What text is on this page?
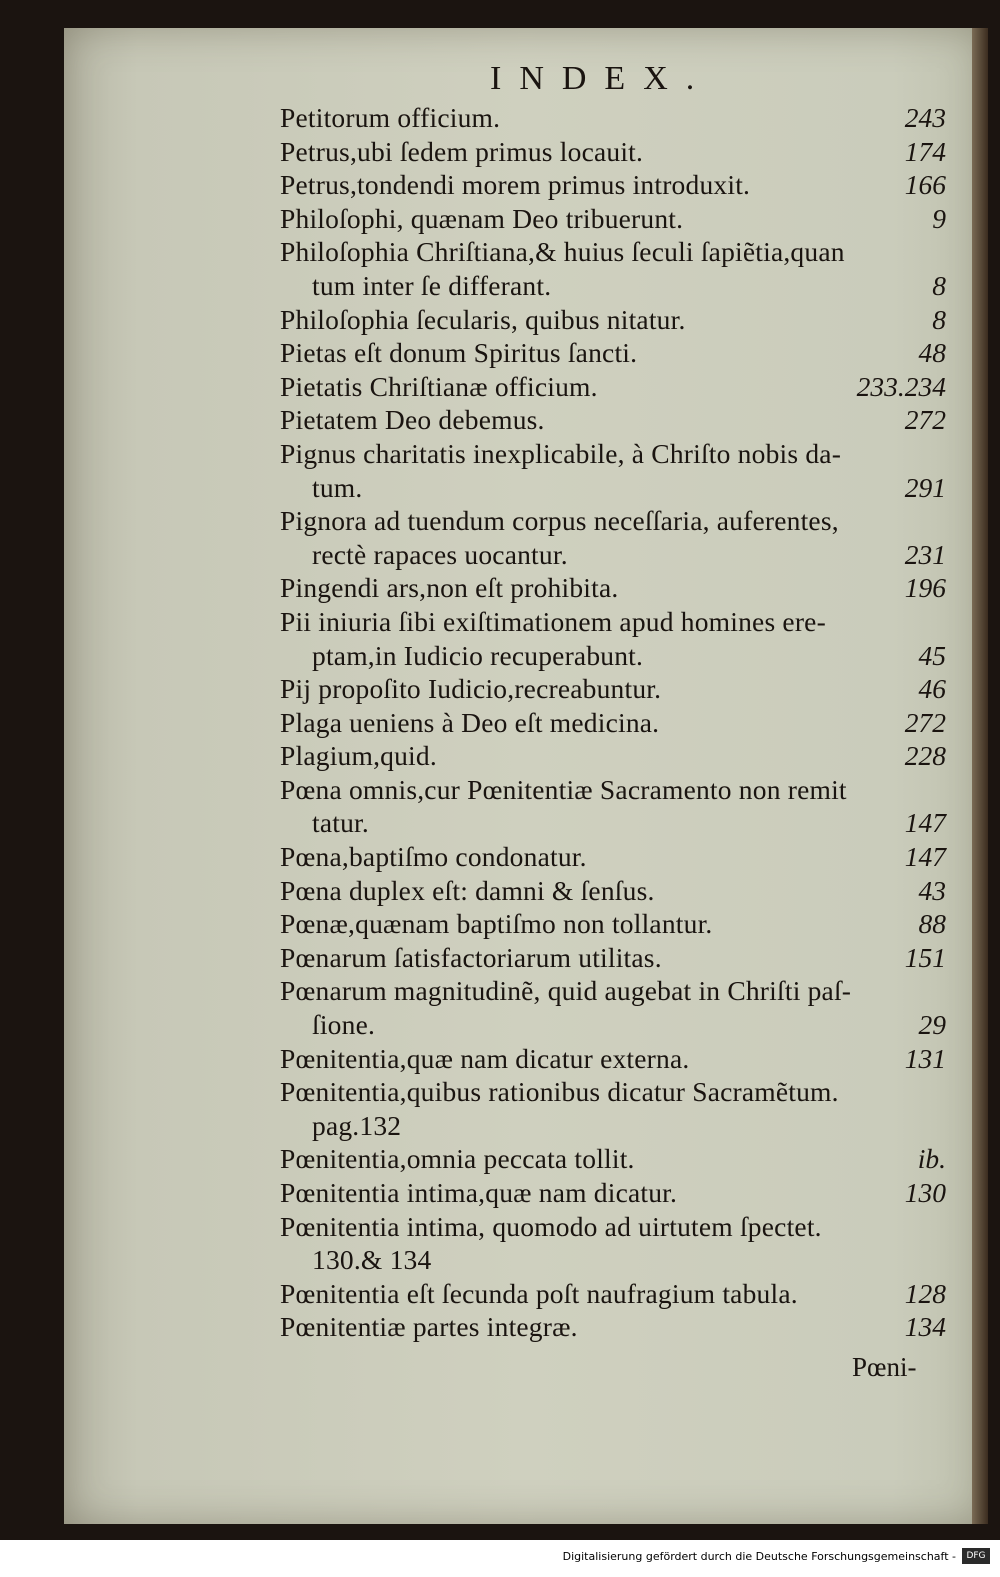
INDEX.
Petitorum officium.	243
Petrus,ubi ſedem primus locauit.	174
Petrus,tondendi morem primus introduxit.	166
Philoſophi, quænam Deo tribuerunt.	9
Philoſophia Chriſtiana,& huius ſeculi ſapiẽtia,quan
tum inter ſe differant.	8
Philoſophia ſecularis, quibus nitatur.	8
Pietas eſt donum Spiritus ſancti.	48
Pietatis Chriſtianæ officium.	233.234
Pietatem Deo debemus.	272
Pignus charitatis inexplicabile, à Chriſto nobis da-
tum.	291
Pignora ad tuendum corpus neceſſaria, auferentes,
rectè rapaces uocantur.	231
Pingendi ars,non eſt prohibita.	196
Pii iniuria ſibi exiſtimationem apud homines ere-
ptam,in Iudicio recuperabunt.	45
Pij propoſito Iudicio,recreabuntur.	46
Plaga ueniens à Deo eſt medicina.	272
Plagium,quid.	228
Pœna omnis,cur Pœnitentiæ Sacramento non remit
tatur.	147
Pœna,baptiſmo condonatur.	147
Pœna duplex eſt: damni & ſenſus.	43
Pœnæ,quænam baptiſmo non tollantur.	88
Pœnarum ſatisfactoriarum utilitas.	151
Pœnarum magnitudinẽ, quid augebat in Chriſti paſ-
ſione.	29
Pœnitentia,quæ nam dicatur externa.	131
Pœnitentia,quibus rationibus dicatur Sacramẽtum.
pag.132
Pœnitentia,omnia peccata tollit.	ib.
Pœnitentia intima,quæ nam dicatur.	130
Pœnitentia intima, quomodo ad uirtutem ſpectet.
130.& 134
Pœnitentia eſt ſecunda poſt naufragium tabula.	128
Pœnitentiæ partes integræ.	134
Pœni-
Digitalisierung gefördert durch die Deutsche Forschungsgemeinschaft -	DFG
